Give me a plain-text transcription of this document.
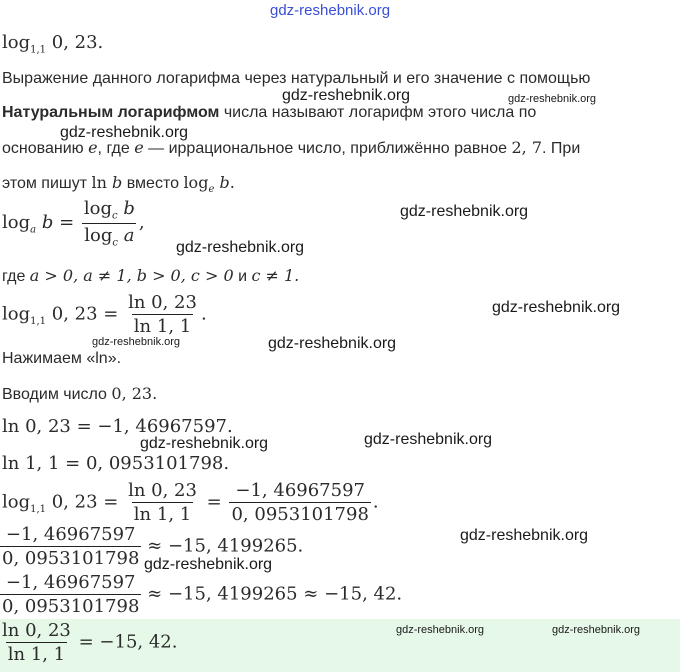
gdz-reshebnik.org
$\log_{1,1} 0$, 23.
Выражение данного логарифма через натуральный и его значение с помощью
Натуральным логарифмом числа называют логарифм этого числа по
gdz-reshebnik.org	gdz-reshebnik.org
gdz-reshebnik.org
основанию e, где e — иррациональное число, приближённо равное 2, 7. При
этом пишут ln b вместо $\log_e b$.
$\log_a b = \frac{\log_c b}{\log_c a}$ ,
gdz-reshebnik.org
gdz-reshebnik.org
где a > 0, a ≠ 1, b > 0, c > 0 и c ≠ 1.
$\log_{1,1} 0$, $23 = \frac{\ln 0, 23}{\ln 1, 1}$ .	gdz-reshebnik.org
gdz-reshebnik.org	gdz-reshebnik.org
Нажимаем «ln».
Вводим число 0, 23.
ln 0, 23 = −1, 46967597.
gdz-reshebnik.org	gdz-reshebnik.org
ln 1, 1 = 0, 0953101798.
$\log_{1,1} 0$, $23 = \frac{\ln 0, 23}{\ln 1, 1} = \frac{-1, 46967597}{0, 0953101798}$ .
gdz-reshebnik.org
$\frac{-1, 46967597}{0, 0953101798} \approx -15$, 4199265.
gdz-reshebnik.org
$\frac{-1, 46967597}{0, 0953101798} \approx -15$, 4199265 ≈ −15, 42.
$\frac{\ln 0, 23}{\ln 1, 1} = -15$, 42.
gdz-reshebnik.org	gdz-reshebnik.org
